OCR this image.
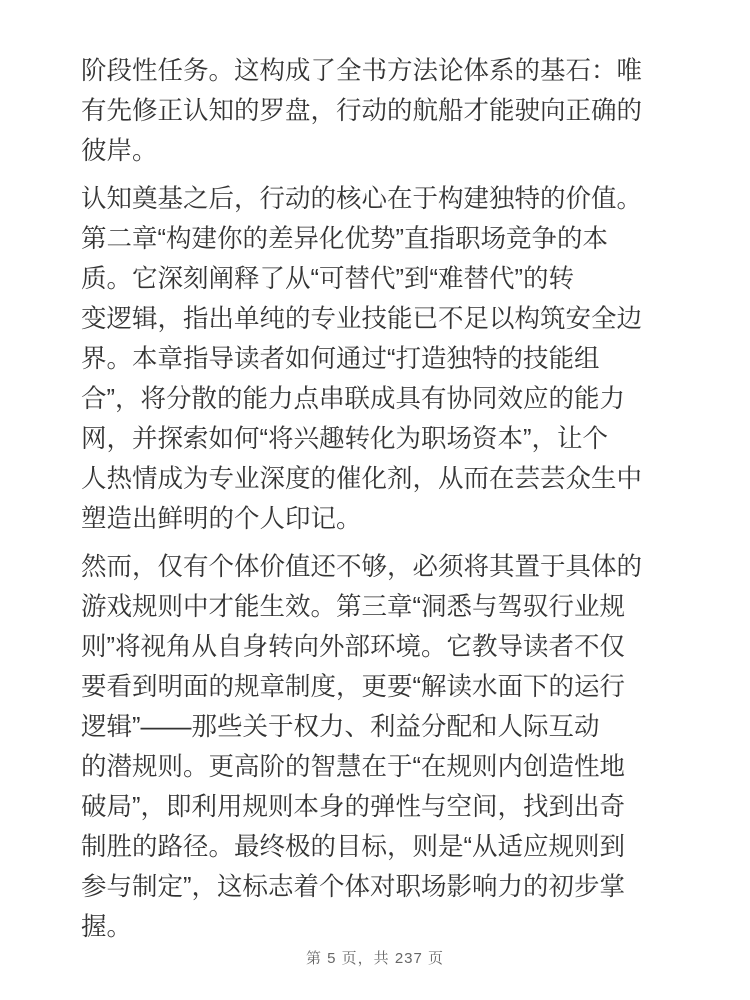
阶段性任务。这构成了全书方法论体系的基石：唯
有先修正认知的罗盘，行动的航船才能驶向正确的
彼岸。
认知奠基之后，行动的核心在于构建独特的价值。
第二章“构建你的差异化优势”直指职场竞争的本
质。它深刻阐释了从“可替代”到“难替代”的转
变逻辑，指出单纯的专业技能已不足以构筑安全边
界。本章指导读者如何通过“打造独特的技能组
合”，将分散的能力点串联成具有协同效应的能力
网，并探索如何“将兴趣转化为职场资本”，让个
人热情成为专业深度的催化剂，从而在芸芸众生中
塑造出鲜明的个人印记。
然而，仅有个体价值还不够，必须将其置于具体的
游戏规则中才能生效。第三章“洞悉与驾驭行业规
则”将视角从自身转向外部环境。它教导读者不仅
要看到明面的规章制度，更要“解读水面下的运行
逻辑”——那些关于权力、利益分配和人际互动
的潜规则。更高阶的智慧在于“在规则内创造性地
破局”，即利用规则本身的弹性与空间，找到出奇
制胜的路径。最终极的目标，则是“从适应规则到
参与制定”，这标志着个体对职场影响力的初步掌
握。
第 5 页，共 237 页
